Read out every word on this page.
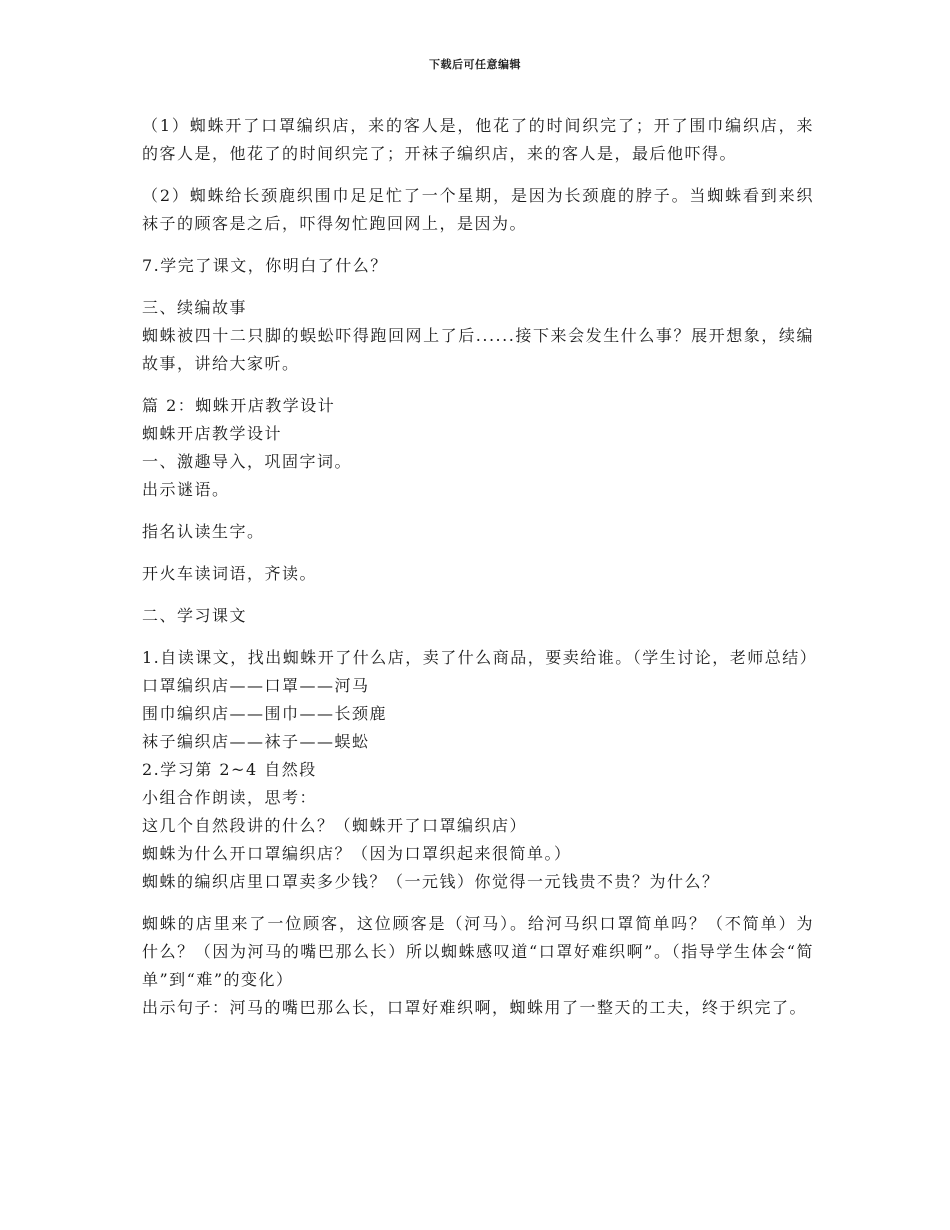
下载后可任意编辑

（1）蜘蛛开了口罩编织店，来的客人是，他花了的时间织完了；开了围巾编织店，来的客人是，他花了的时间织完了；开袜子编织店，来的客人是，最后他吓得。

（2）蜘蛛给长颈鹿织围巾足足忙了一个星期，是因为长颈鹿的脖子。当蜘蛛看到来织袜子的顾客是之后，吓得匆忙跑回网上，是因为。

7.学完了课文，你明白了什么？

三、续编故事

蜘蛛被四十二只脚的蜈蚣吓得跑回网上了后......接下来会发生什么事？展开想象，续编故事，讲给大家听。

篇 2：蜘蛛开店教学设计

蜘蛛开店教学设计

一、激趣导入，巩固字词。

出示谜语。

指名认读生字。

开火车读词语，齐读。

二、学习课文

1.自读课文，找出蜘蛛开了什么店，卖了什么商品，要卖给谁。（学生讨论，老师总结）

口罩编织店——口罩——河马

围巾编织店——围巾——长颈鹿

袜子编织店——袜子——蜈蚣

2.学习第 2~4 自然段

小组合作朗读，思考：

这几个自然段讲的什么？（蜘蛛开了口罩编织店）

蜘蛛为什么开口罩编织店？（因为口罩织起来很简单。）

蜘蛛的编织店里口罩卖多少钱？（一元钱）你觉得一元钱贵不贵？为什么？

蜘蛛的店里来了一位顾客，这位顾客是（河马）。给河马织口罩简单吗？（不简单）为什么？（因为河马的嘴巴那么长）所以蜘蛛感叹道“口罩好难织啊”。（指导学生体会“简单”到“难”的变化）

出示句子：河马的嘴巴那么长，口罩好难织啊，蜘蛛用了一整天的工夫，终于织完了。
